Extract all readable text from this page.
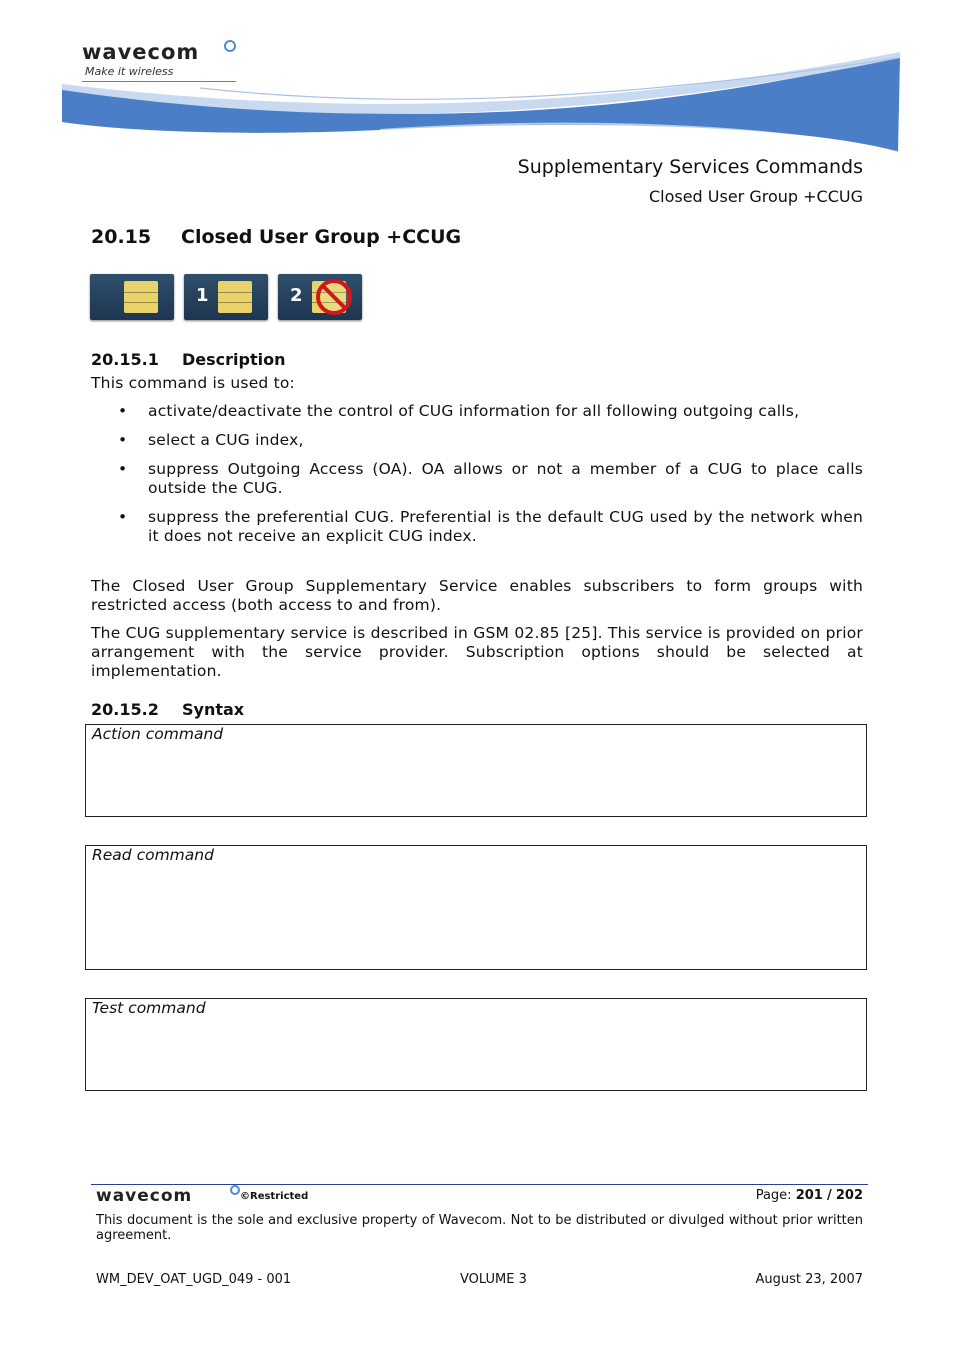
wavecom
Make it wireless
Supplementary Services Commands
Closed User Group +CCUG
20.15 Closed User Group +CCUG
1	2
20.15.1 Description
This command is used to:
• activate/deactivate the control of CUG information for all following outgoing calls,
• select a CUG index,
• suppress Outgoing Access (OA). OA allows or not a member of a CUG to place calls outside the CUG.
• suppress the preferential CUG. Preferential is the default CUG used by the network when it does not receive an explicit CUG index.
The Closed User Group Supplementary Service enables subscribers to form groups with restricted access (both access to and from).
The CUG supplementary service is described in GSM 02.85 [25]. This service is provided on prior arrangement with the service provider. Subscription options should be selected at implementation.
20.15.2 Syntax
Action command
Read command
Test command
wavecom	©Restricted	Page: 201 / 202
This document is the sole and exclusive property of Wavecom. Not to be distributed or divulged without prior written agreement.
WM_DEV_OAT_UGD_049 - 001	VOLUME 3	August 23, 2007
